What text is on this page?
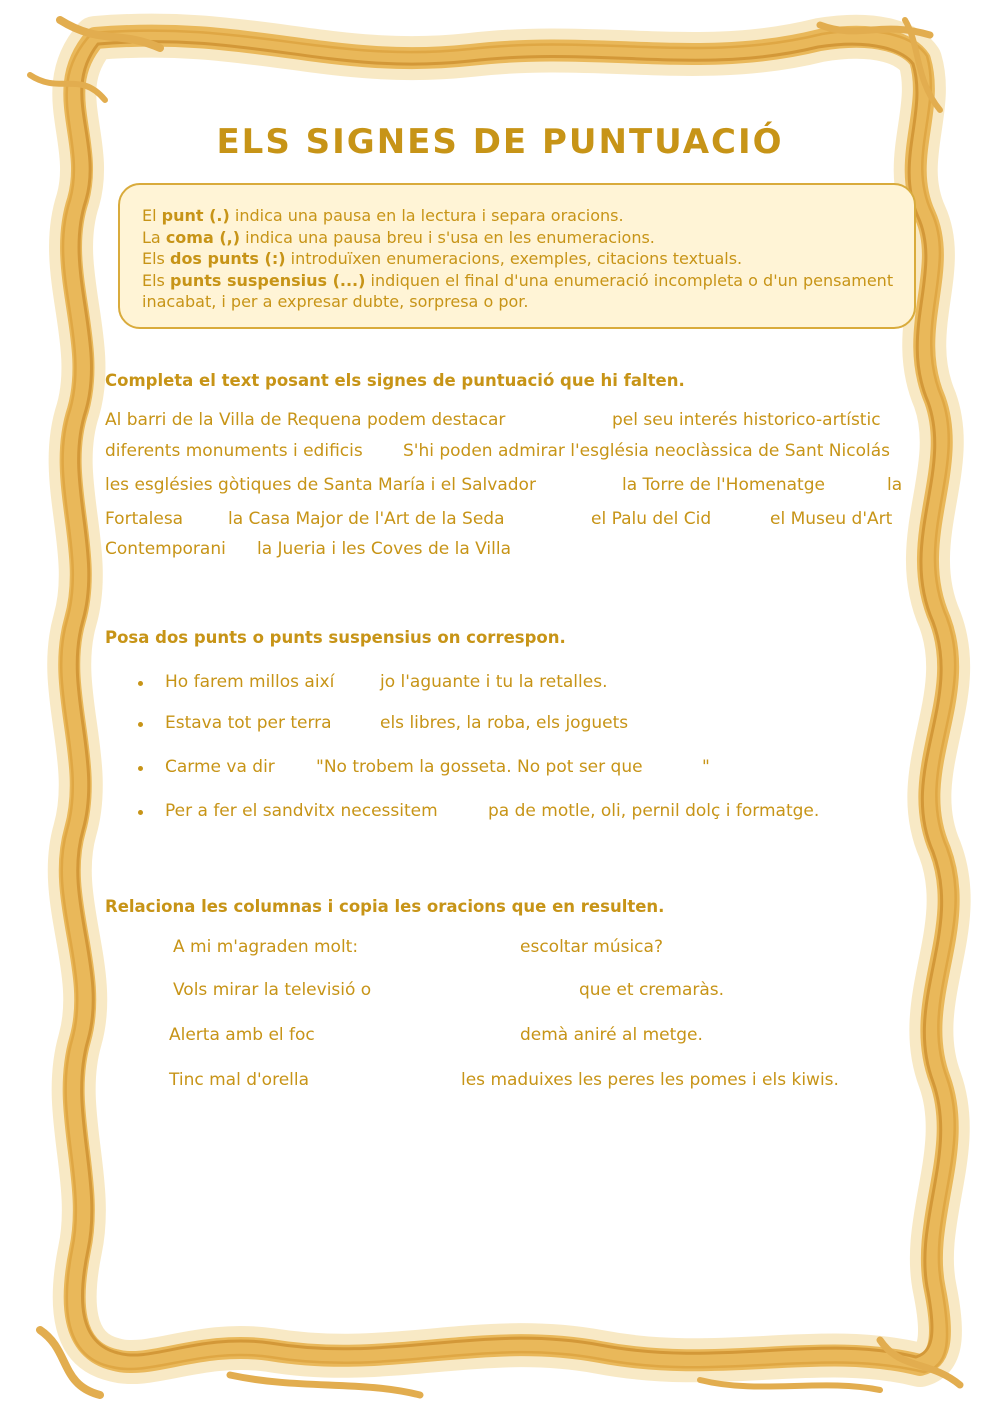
ELS SIGNES DE PUNTUACIÓ

El punt (.) indica una pausa en la lectura i separa oracions.

La coma (,) indica una pausa breu i s'usa en les enumeracions.

Els dos punts (:) introduïxen enumeracions, exemples, citacions textuals.

Els punts suspensius (...) indiquen el final d'una enumeració incompleta o d'un pensament

inacabat, i per a expresar dubte, sorpresa o por.

Completa el text posant els signes de puntuació que hi falten.

Al barri de la Villa de Requena podem destacar	pel seu interés historico-artístic
diferents monuments i edificis S'hi poden admirar l'església neoclàssica de Sant Nicolás
les esglésies gòtiques de Santa María i el Salvador	la Torre de l'Homenatge	la
Fortalesa	la Casa Major de l'Art de la Seda	el Palu del Cid	el Museu d'Art
Contemporani la Jueria i les Coves de la Villa

Posa dos punts o punts suspensius on correspon.

Ho farem millos així	jo l'aguante i tu la retalles.
Estava tot per terra	els libres, la roba, els joguets
Carme va dir "No trobem la gosseta. No pot ser que	"
Per a fer el sandvitx necessitem	pa de motle, oli, pernil dolç i formatge.

Relaciona les columnas i copia les oracions que en resulten.

A mi m'agraden molt:	escoltar música?
Vols mirar la televisió o	que et cremaràs.
Alerta amb el foc	demà aniré al metge.
Tinc mal d'orella	les maduixes les peres les pomes i els kiwis.
